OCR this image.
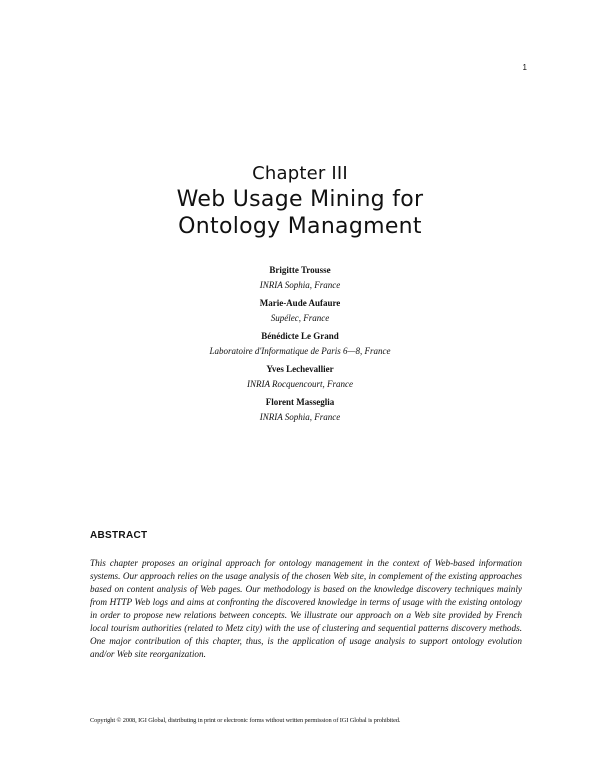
1
Chapter III
Web Usage Mining for
Ontology Managment
Brigitte Trousse
INRIA Sophia, France
Marie-Aude Aufaure
Supélec, France
Bénédicte Le Grand
Laboratoire d'Informatique de Paris 6—8, France
Yves Lechevallier
INRIA Rocquencourt, France
Florent Masseglia
INRIA Sophia, France
ABSTRACT
This chapter proposes an original approach for ontology management in the context of Web-based information systems. Our approach relies on the usage analysis of the chosen Web site, in complement of the existing approaches based on content analysis of Web pages. Our methodology is based on the knowledge discovery techniques mainly from HTTP Web logs and aims at confronting the discovered knowledge in terms of usage with the existing ontology in order to propose new relations between concepts. We illustrate our approach on a Web site provided by French local tourism authorities (related to Metz city) with the use of clustering and sequential patterns discovery methods. One major contribution of this chapter, thus, is the application of usage analysis to support ontology evolution and/or Web site reorganization.
Copyright © 2008, IGI Global, distributing in print or electronic forms without written permission of IGI Global is prohibited.
